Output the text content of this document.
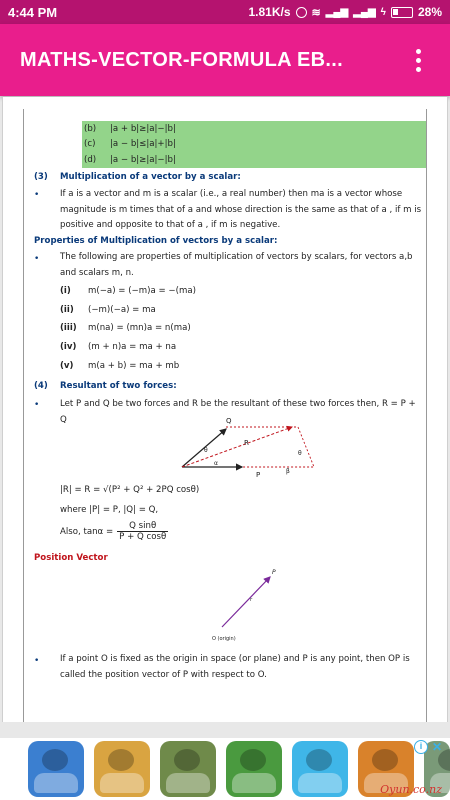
4:44 PM	1.81K/s ≋ ▂▄▆ ▂▄▆ ϟ	28%
MATHS-VECTOR-FORMULA EB...
(b)	|a + b|≥|a|−|b|
(c)	|a − b|≤|a|+|b|
(d)	|a − b|≥|a|−|b|
(3) Multiplication of a vector by a scalar:
•	If a is a vector and m is a scalar (i.e., a real number) then ma is a vector whose
magnitude is m times that of a and whose direction is the same as that of a , if m is
positive and opposite to that of a , if m is negative.
Properties of Multiplication of vectors by a scalar:
•	The following are properties of multiplication of vectors by scalars, for vectors a,b
and scalars m, n.
(i)	m(−a) = (−m)a = −(ma)
(ii)	(−m)(−a) = ma
(iii)	m(na) = (mn)a = n(ma)
(iv)	(m + n)a = ma + na
(v)	m(a + b) = ma + mb
(4) Resultant of two forces:
•	Let P and Q be two forces and R be the resultant of these two forces then, R = P + Q	Q
R
P
θ	θ
α
β
|R| = R = √(P² + Q² + 2PQ cosθ)
where |P| = P, |Q| = Q,
Also, $\tan\alpha = \frac{\text{Q sinθ}}{\text{P + Q cosθ}}$
Position Vector
P
r
O (origin)
•	If a point O is fixed as the origin in space (or plane) and P is any point, then OP is
called the position vector of P with respect to O.
i ✕
Oyun.co.nz
